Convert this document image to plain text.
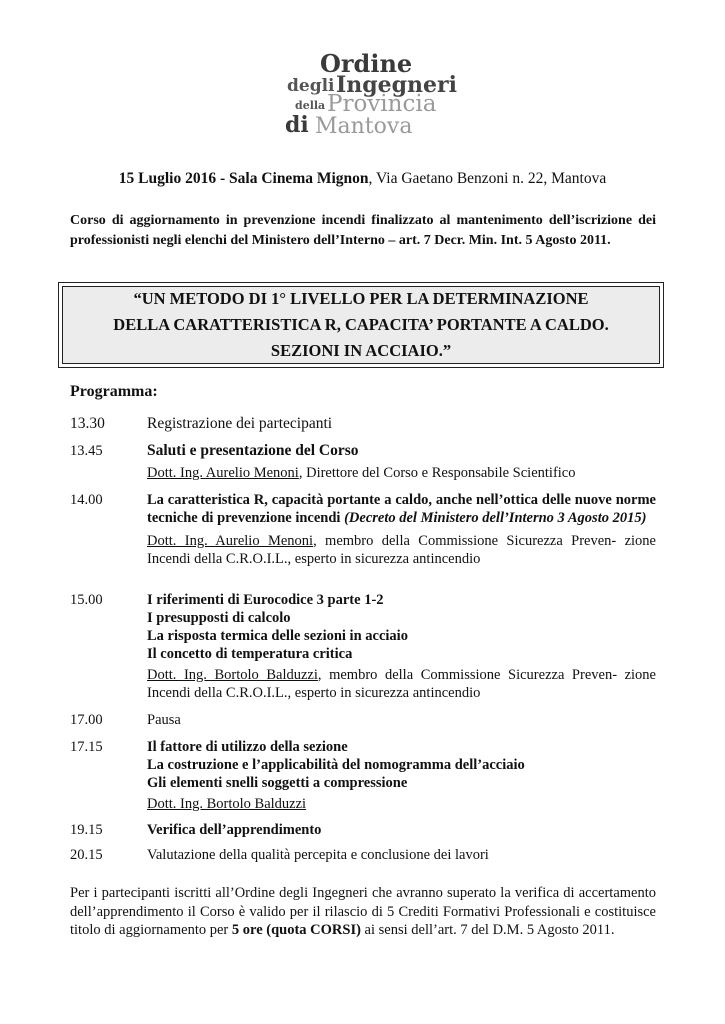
Ordine
degli Ingegneri
della Provincia
di Mantova
15 Luglio 2016 - Sala Cinema Mignon, Via Gaetano Benzoni n. 22, Mantova
Corso di aggiornamento in prevenzione incendi finalizzato al mantenimento dell’iscrizione dei professionisti negli elenchi del Ministero dell’Interno – art. 7 Decr. Min. Int. 5 Agosto 2011.
“UN METODO DI 1° LIVELLO PER LA DETERMINAZIONE
DELLA CARATTERISTICA R, CAPACITA’ PORTANTE A CALDO.
SEZIONI IN ACCIAIO.”
Programma:
13.30	Registrazione dei partecipanti
13.45	Saluti e presentazione del Corso
Dott. Ing. Aurelio Menoni, Direttore del Corso e Responsabile Scientifico
14.00	La caratteristica R, capacità portante a caldo, anche nell’ottica delle nuove norme tecniche di prevenzione incendi (Decreto del Ministero dell’Interno 3 Agosto 2015)
Dott. Ing. Aurelio Menoni, membro della Commissione Sicurezza Preven- zione Incendi della C.R.O.I.L., esperto in sicurezza antincendio
15.00	I riferimenti di Eurocodice 3 parte 1-2
I presupposti di calcolo
La risposta termica delle sezioni in acciaio
Il concetto di temperatura critica
Dott. Ing. Bortolo Balduzzi, membro della Commissione Sicurezza Preven- zione Incendi della C.R.O.I.L., esperto in sicurezza antincendio
17.00	Pausa
17.15	Il fattore di utilizzo della sezione
La costruzione e l’applicabilità del nomogramma dell’acciaio
Gli elementi snelli soggetti a compressione
Dott. Ing. Bortolo Balduzzi
19.15	Verifica dell’apprendimento
20.15	Valutazione della qualità percepita e conclusione dei lavori
Per i partecipanti iscritti all’Ordine degli Ingegneri che avranno superato la verifica di accertamento dell’apprendimento il Corso è valido per il rilascio di 5 Crediti Formativi Professionali e costituisce titolo di aggiornamento per 5 ore (quota CORSI) ai sensi dell’art. 7 del D.M. 5 Agosto 2011.
